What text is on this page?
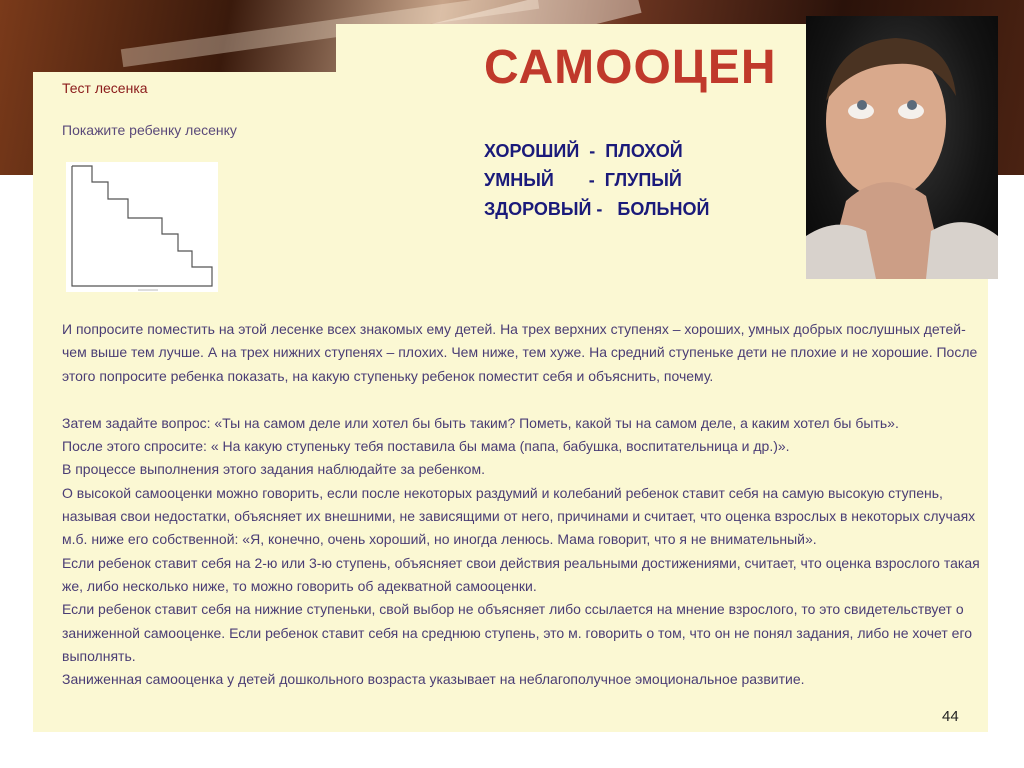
САМООЦЕН
Тест лесенка
Покажите ребенку лесенку
ХОРОШИЙ  -  ПЛОХОЙ
УМНЫЙ       -  ГЛУПЫЙ
ЗДОРОВЫЙ -   БОЛЬНОЙ

И попросите поместить на этой лесенке всех знакомых ему детей. На трех верхних ступенях – хороших, умных добрых послушных детей- чем выше тем лучше. А на трех нижних ступенях – плохих. Чем ниже, тем хуже. На средний ступеньке дети не плохие и не хорошие. После этого попросите ребенка показать, на какую ступеньку ребенок поместит себя и объяснить, почему.

Затем задайте вопрос: «Ты на самом деле или хотел бы быть таким? Пометь, какой ты на самом деле, а каким хотел бы быть».

После этого спросите: « На какую ступеньку тебя поставила бы мама (папа, бабушка, воспитательница и др.)».

В процессе выполнения этого задания наблюдайте за ребенком.

О высокой самооценки можно говорить, если после некоторых раздумий и колебаний ребенок ставит себя на самую высокую ступень, называя свои недостатки, объясняет их внешними, не зависящими от него, причинами и считает, что оценка взрослых в некоторых случаях м.б. ниже его собственной: «Я, конечно, очень хороший, но иногда ленюсь. Мама говорит, что я не внимательный».

Если ребенок ставит себя на 2-ю или 3-ю ступень, объясняет свои действия реальными достижениями, считает, что оценка взрослого такая же, либо несколько ниже, то можно говорить об адекватной самооценки.

Если ребенок ставит себя на нижние ступеньки, свой выбор не объясняет либо ссылается на мнение взрослого, то это свидетельствует о заниженной самооценке. Если ребенок ставит себя на среднюю ступень, это м. говорить о том, что он не понял задания, либо не хочет его выполнять.

Заниженная самооценка у детей дошкольного возраста указывает на неблагополучное эмоциональное развитие.

44
